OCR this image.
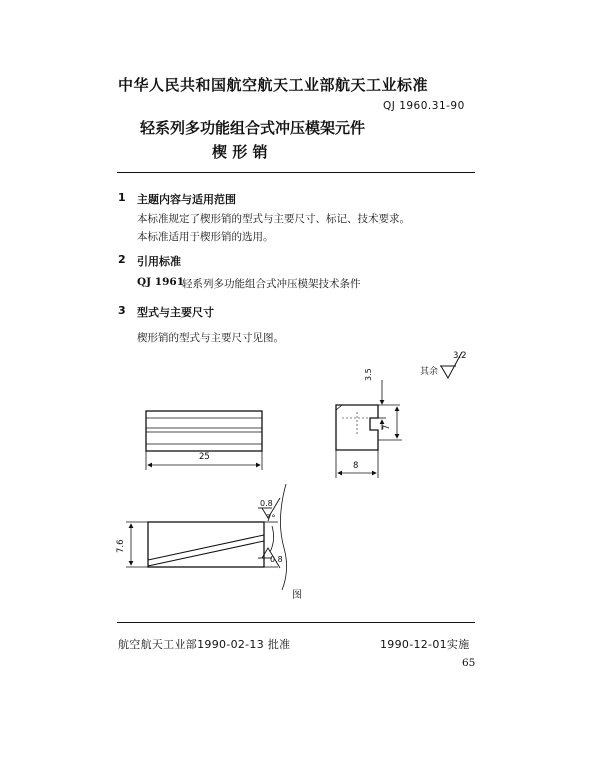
中华人民共和国航空航天工业部航天工业标准
QJ 1960.31-90
轻系列多功能组合式冲压模架元件
楔 形 销
1 主题内容与适用范围
本标准规定了楔形销的型式与主要尺寸、标记、技术要求。
本标准适用于楔形销的选用。
2 引用标准
QJ 1961
轻系列多功能组合式冲压模架技术条件
3 型式与主要尺寸
楔形销的型式与主要尺寸见图。
其余
3.2
25
8
3.5
7
7.6
0.8
7°
0.8
图
航空航天工业部1990-02-13 批准	1990-12-01实施
65
